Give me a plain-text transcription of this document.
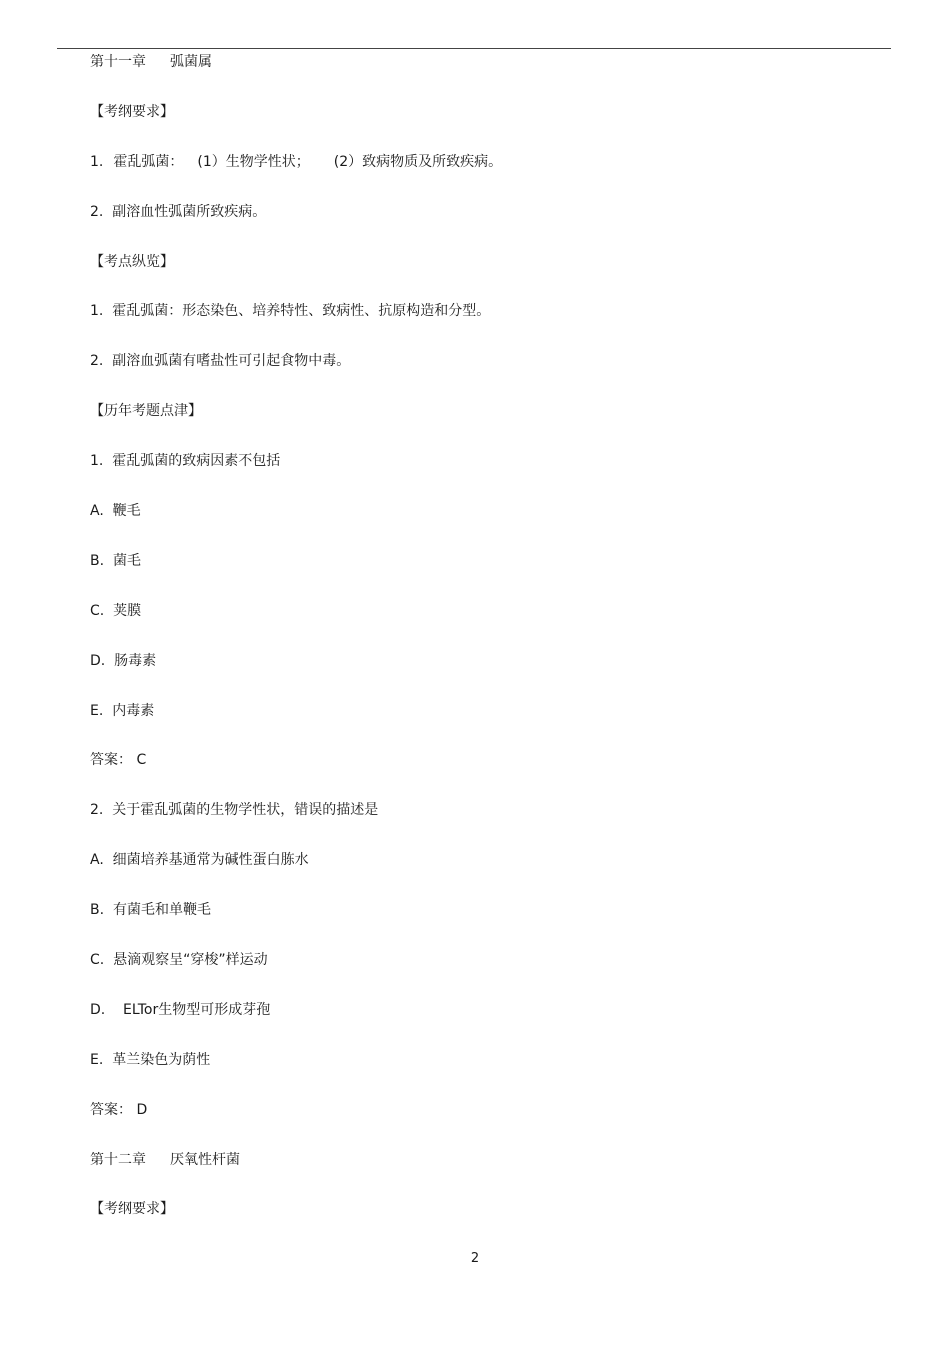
第十一章 弧菌属
【考纲要求】
1. 霍乱弧菌： (1）生物学性状； (2）致病物质及所致疾病。
2.  副溶血性弧菌所致疾病。
【考点纵览】
1.  霍乱弧菌：形态染色、培养特性、致病性、抗原构造和分型。
2.  副溶血弧菌有嗜盐性可引起食物中毒。
【历年考题点津】
1.  霍乱弧菌的致病因素不包括
A.  鞭毛
B.  菌毛
C.  荚膜
D.  肠毒素
E.  内毒素
答案： C
2.  关于霍乱弧菌的生物学性状，错误的描述是
A.  细菌培养基通常为碱性蛋白胨水
B.  有菌毛和单鞭毛
C.  悬滴观察呈“穿梭”样运动
D.    ELTor生物型可形成芽孢
E.  革兰染色为荫性
答案： D
第十二章 厌氧性杆菌
【考纲要求】
2
